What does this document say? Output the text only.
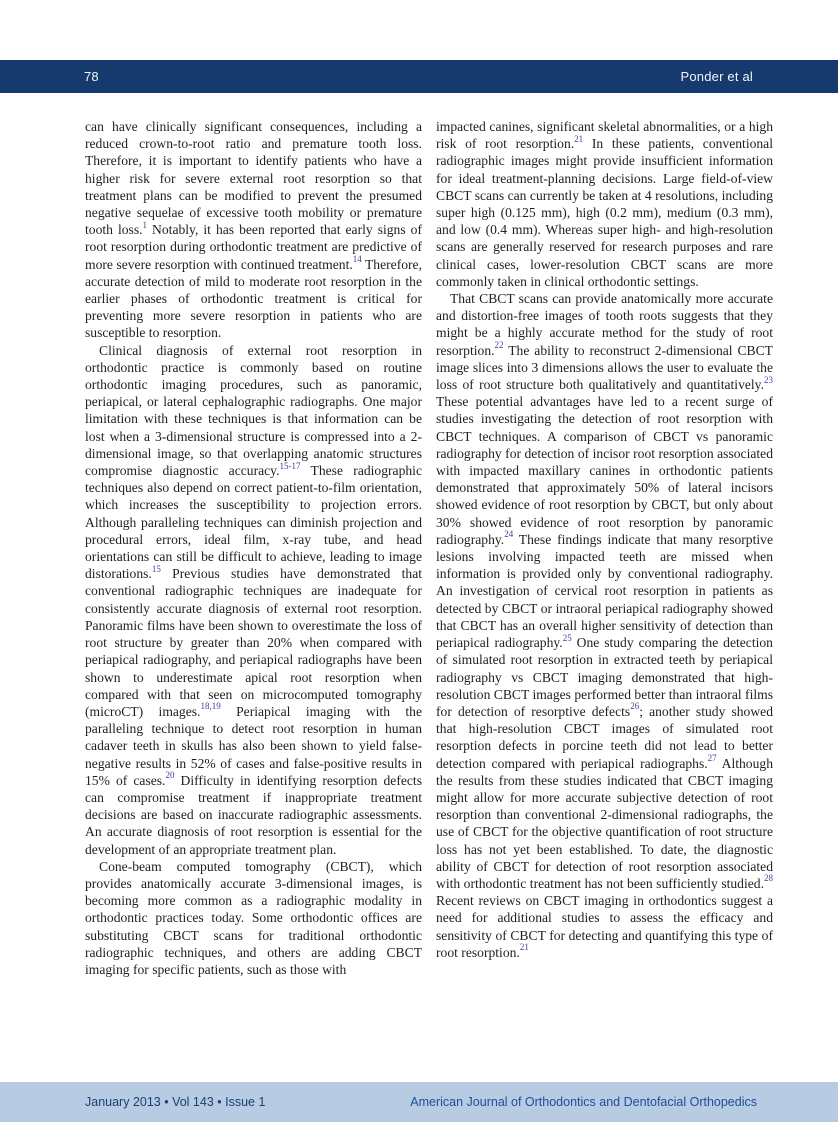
78	Ponder et al

can have clinically significant consequences, including a reduced crown-to-root ratio and premature tooth loss. Therefore, it is important to identify patients who have a higher risk for severe external root resorption so that treatment plans can be modified to prevent the presumed negative sequelae of excessive tooth mobility or premature tooth loss.$^1$ Notably, it has been reported that early signs of root resorption during orthodontic treatment are predictive of more severe resorption with continued treatment.$^{14}$ Therefore, accurate detection of mild to moderate root resorption in the earlier phases of orthodontic treatment is critical for preventing more severe resorption in patients who are susceptible to resorption.

Clinical diagnosis of external root resorption in orthodontic practice is commonly based on routine orthodontic imaging procedures, such as panoramic, periapical, or lateral cephalographic radiographs. One major limitation with these techniques is that information can be lost when a 3-dimensional structure is compressed into a 2-dimensional image, so that overlapping anatomic structures compromise diagnostic accuracy.$^{15-17}$ These radiographic techniques also depend on correct patient-to-film orientation, which increases the susceptibility to projection errors. Although paralleling techniques can diminish projection and procedural errors, ideal film, x-ray tube, and head orientations can still be difficult to achieve, leading to image distorations.$^{15}$ Previous studies have demonstrated that conventional radiographic techniques are inadequate for consistently accurate diagnosis of external root resorption. Panoramic films have been shown to overestimate the loss of root structure by greater than 20% when compared with periapical radiography, and periapical radiographs have been shown to underestimate apical root resorption when compared with that seen on microcomputed tomography (microCT) images.$^{18,19}$ Periapical imaging with the paralleling technique to detect root resorption in human cadaver teeth in skulls has also been shown to yield false-negative results in 52% of cases and false-positive results in 15% of cases.$^{20}$ Difficulty in identifying resorption defects can compromise treatment if inappropriate treatment decisions are based on inaccurate radiographic assessments. An accurate diagnosis of root resorption is essential for the development of an appropriate treatment plan.

Cone-beam computed tomography (CBCT), which provides anatomically accurate 3-dimensional images, is becoming more common as a radiographic modality in orthodontic practices today. Some orthodontic offices are substituting CBCT scans for traditional orthodontic radiographic techniques, and others are adding CBCT imaging for specific patients, such as those with

impacted canines, significant skeletal abnormalities, or a high risk of root resorption.$^{21}$ In these patients, conventional radiographic images might provide insufficient information for ideal treatment-planning decisions. Large field-of-view CBCT scans can currently be taken at 4 resolutions, including super high (0.125 mm), high (0.2 mm), medium (0.3 mm), and low (0.4 mm). Whereas super high- and high-resolution scans are generally reserved for research purposes and rare clinical cases, lower-resolution CBCT scans are more commonly taken in clinical orthodontic settings.

That CBCT scans can provide anatomically more accurate and distortion-free images of tooth roots suggests that they might be a highly accurate method for the study of root resorption.$^{22}$ The ability to reconstruct 2-dimensional CBCT image slices into 3 dimensions allows the user to evaluate the loss of root structure both qualitatively and quantitatively.$^{23}$ These potential advantages have led to a recent surge of studies investigating the detection of root resorption with CBCT techniques. A comparison of CBCT vs panoramic radiography for detection of incisor root resorption associated with impacted maxillary canines in orthodontic patients demonstrated that approximately 50% of lateral incisors showed evidence of root resorption by CBCT, but only about 30% showed evidence of root resorption by panoramic radiography.$^{24}$ These findings indicate that many resorptive lesions involving impacted teeth are missed when information is provided only by conventional radiography. An investigation of cervical root resorption in patients as detected by CBCT or intraoral periapical radiography showed that CBCT has an overall higher sensitivity of detection than periapical radiography.$^{25}$ One study comparing the detection of simulated root resorption in extracted teeth by periapical radiography vs CBCT imaging demonstrated that high-resolution CBCT images performed better than intraoral films for detection of resorptive defects$^{26}$; another study showed that high-resolution CBCT images of simulated root resorption defects in porcine teeth did not lead to better detection compared with periapical radiographs.$^{27}$ Although the results from these studies indicated that CBCT imaging might allow for more accurate subjective detection of root resorption than conventional 2-dimensional radiographs, the use of CBCT for the objective quantification of root structure loss has not yet been established. To date, the diagnostic ability of CBCT for detection of root resorption associated with orthodontic treatment has not been sufficiently studied.$^{28}$ Recent reviews on CBCT imaging in orthodontics suggest a need for additional studies to assess the efficacy and sensitivity of CBCT for detecting and quantifying this type of root resorption.$^{21}$

January 2013 • Vol 143 • Issue 1	American Journal of Orthodontics and Dentofacial Orthopedics
